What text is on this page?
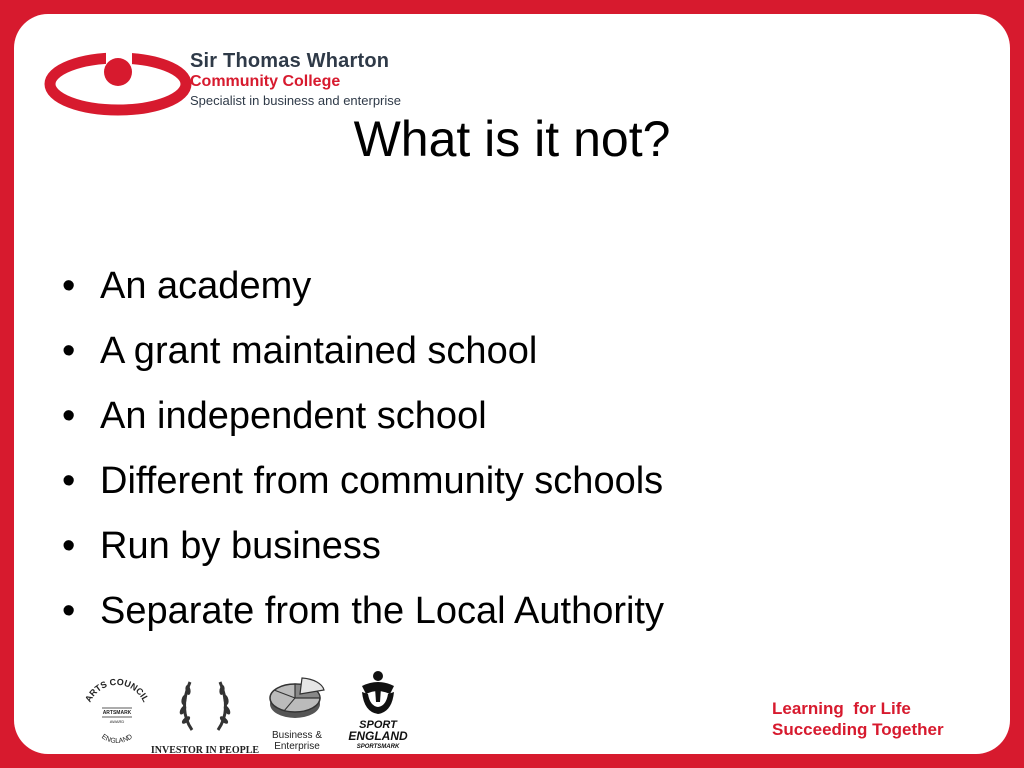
Sir Thomas Wharton
Community College
Specialist in business and enterprise
What is it not?
• An academy
• A grant maintained school
• An independent school
• Different from community schools
• Run by business
• Separate from the Local Authority
ARTS COUNCIL
ARTSMARK
AWARD
ENGLAND
INVESTOR IN PEOPLE
Business &
Enterprise
SPORT
ENGLAND
SPORTSMARK
Learning  for Life
Succeeding Together
